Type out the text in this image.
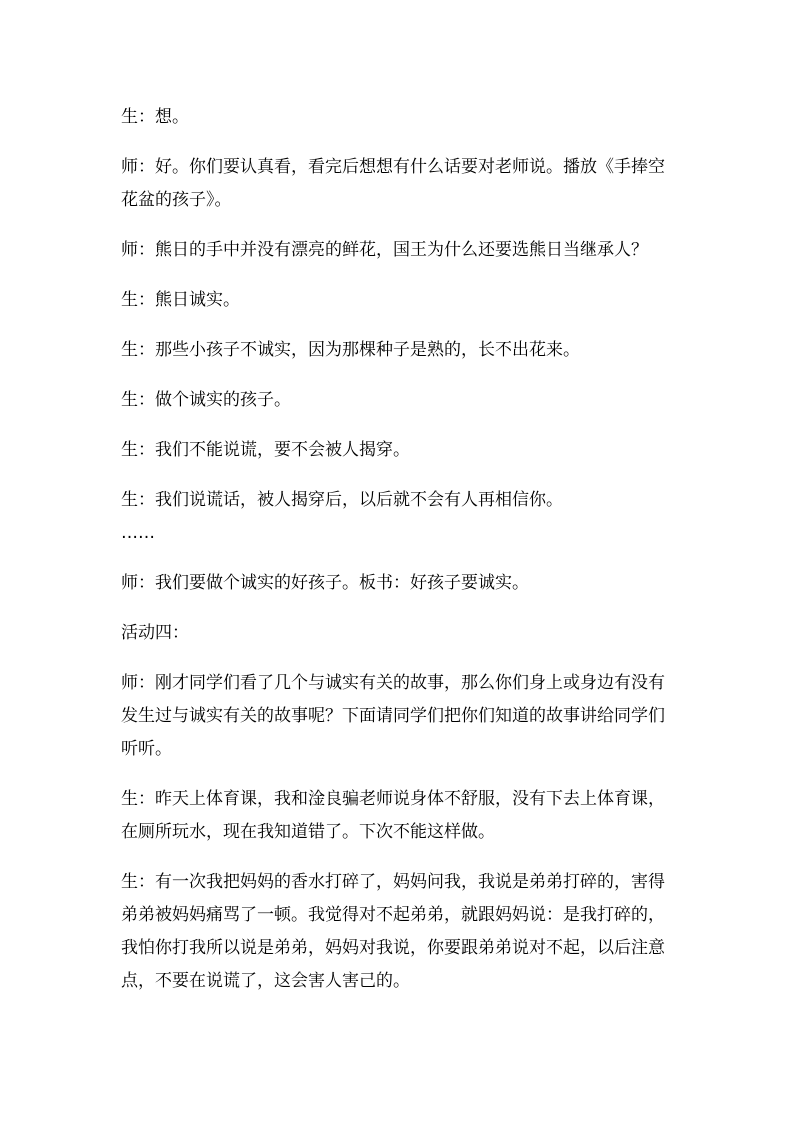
生：想。

师：好。你们要认真看，看完后想想有什么话要对老师说。播放《手捧空花盆的孩子》。

师：熊日的手中并没有漂亮的鲜花，国王为什么还要选熊日当继承人？

生：熊日诚实。

生：那些小孩子不诚实，因为那棵种子是熟的，长不出花来。

生：做个诚实的孩子。

生：我们不能说谎，要不会被人揭穿。

生：我们说谎话，被人揭穿后，以后就不会有人再相信你。

……

师：我们要做个诚实的好孩子。板书：好孩子要诚实。

活动四：

师：刚才同学们看了几个与诚实有关的故事，那么你们身上或身边有没有发生过与诚实有关的故事呢？下面请同学们把你们知道的故事讲给同学们听听。

生：昨天上体育课，我和淦良骗老师说身体不舒服，没有下去上体育课，在厕所玩水，现在我知道错了。下次不能这样做。

生：有一次我把妈妈的香水打碎了，妈妈问我，我说是弟弟打碎的，害得弟弟被妈妈痛骂了一顿。我觉得对不起弟弟，就跟妈妈说：是我打碎的，我怕你打我所以说是弟弟，妈妈对我说，你要跟弟弟说对不起，以后注意点，不要在说谎了，这会害人害己的。
